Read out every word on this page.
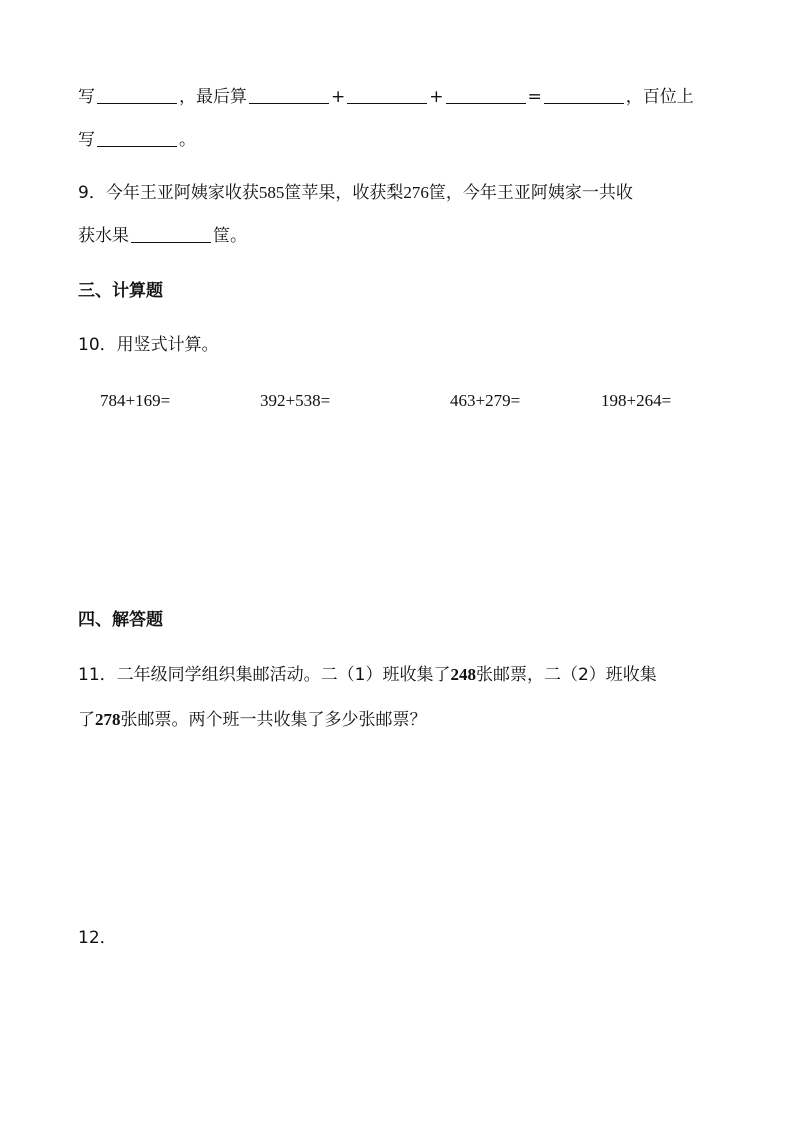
写	，最后算	+	+	=	，百位上
写	。
9．今年王亚阿姨家收获585筐苹果，收获梨276筐，今年王亚阿姨家一共收
获水果	筐。
三、计算题
10．用竖式计算。
784+169=	392+538=	463+279=	198+264=
四、解答题
11．二年级同学组织集邮活动。二（1）班收集了248张邮票，二（2）班收集
了278张邮票。两个班一共收集了多少张邮票？
12．
